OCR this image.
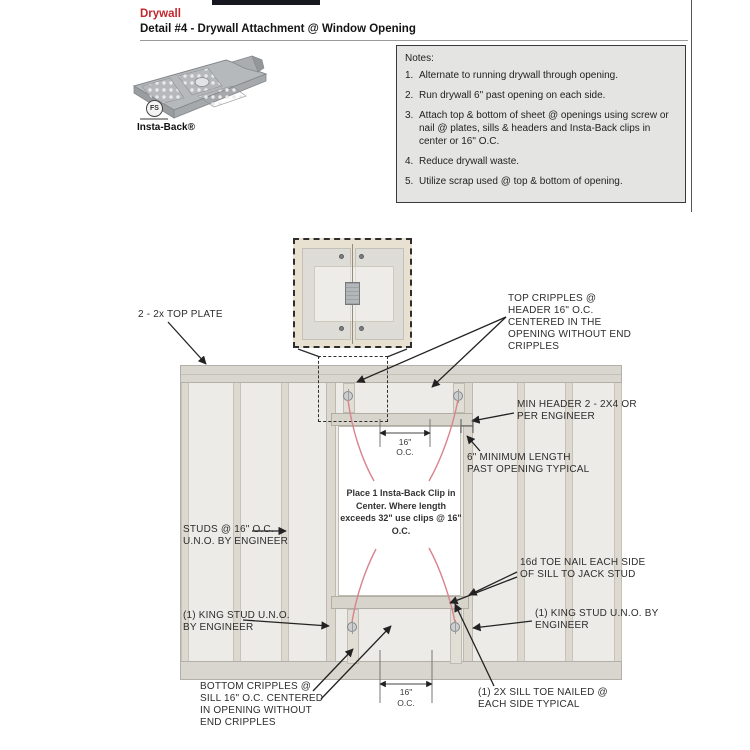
Drywall
Detail #4 - Drywall Attachment @ Window Opening
FS
Insta-Back®
Notes:
1. Alternate to running drywall through opening.
2. Run drywall 6" past opening on each side.
3. Attach top & bottom of sheet @ openings using screw or nail @ plates, sills & headers and Insta-Back clips in center or 16" O.C.
4. Reduce drywall waste.
5. Utilize scrap used @ top & bottom of opening.
2 - 2x TOP PLATE
TOP CRIPPLES @ HEADER 16" O.C. CENTERED IN THE OPENING WITHOUT END CRIPPLES
MIN HEADER 2 - 2X4 OR PER ENGINEER
6" MINIMUM LENGTH PAST OPENING TYPICAL
STUDS @ 16" O.C. U.N.O. BY ENGINEER
(1) KING STUD U.N.O. BY ENGINEER
16d TOE NAIL EACH SIDE OF SILL TO JACK STUD
(1) KING STUD U.N.O. BY ENGINEER
BOTTOM CRIPPLES @ SILL 16" O.C. CENTERED IN OPENING WITHOUT END CRIPPLES
(1) 2X SILL TOE NAILED @ EACH SIDE TYPICAL
Place 1 Insta-Back Clip in Center. Where length exceeds 32" use clips @ 16" O.C.
16"
O.C.
16"
O.C.
